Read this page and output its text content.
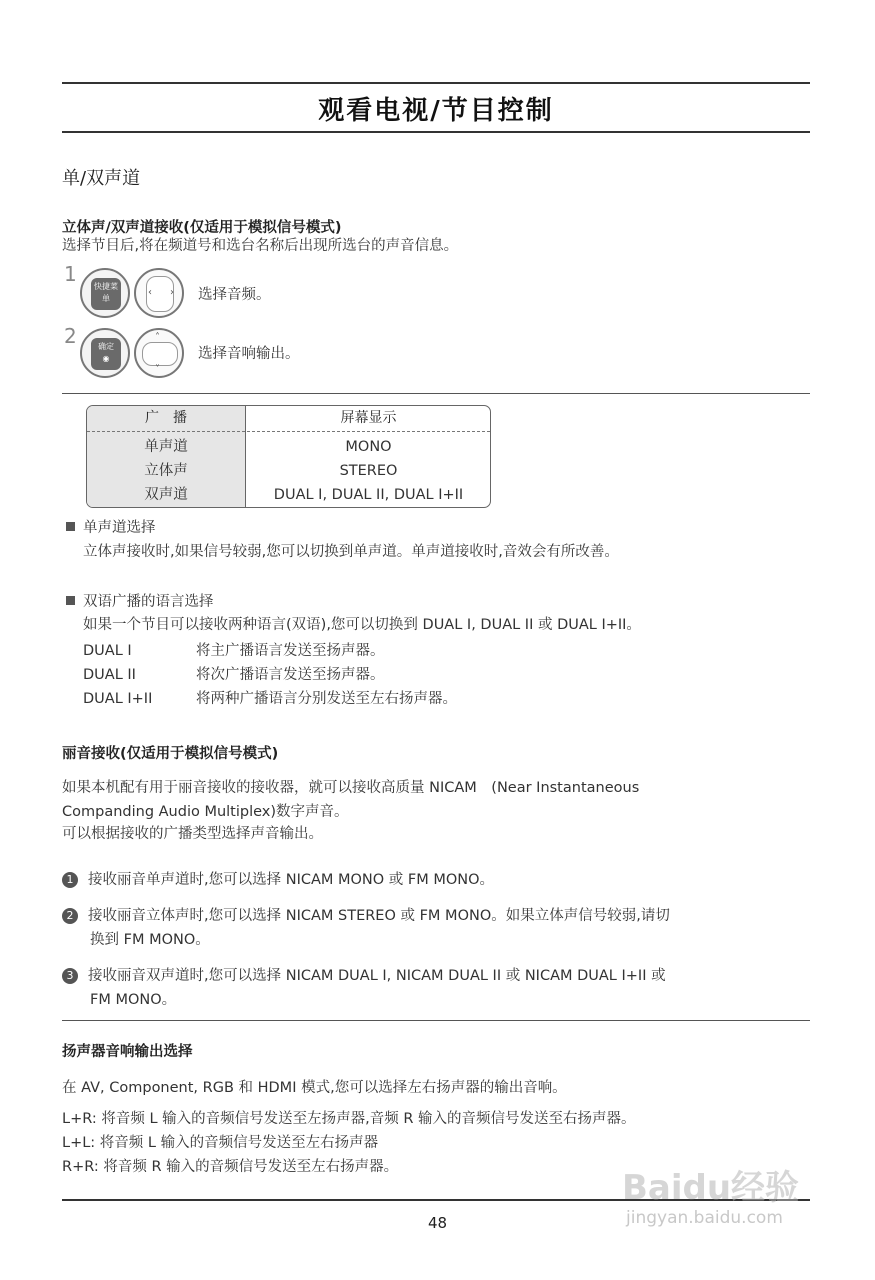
观看电视/节目控制
单/双声道
立体声/双声道接收(仅适用于模拟信号模式)
选择节目后,将在频道号和选台名称后出现所选台的声音信息。
1
快捷菜单
‹ › 选择音频。
2	确定
◉
˄
˅
选择音响输出。
广　播	屏幕显示
单声道	MONO
立体声	STEREO
双声道	DUAL I, DUAL II, DUAL I+II
单声道选择
立体声接收时,如果信号较弱,您可以切换到单声道。单声道接收时,音效会有所改善。
双语广播的语言选择
如果一个节目可以接收两种语言(双语),您可以切换到 DUAL I, DUAL II 或 DUAL I+II。
DUAL I	将主广播语言发送至扬声器。
DUAL II	将次广播语言发送至扬声器。
DUAL I+II	将两种广播语言分别发送至左右扬声器。
丽音接收(仅适用于模拟信号模式)
如果本机配有用于丽音接收的接收器，就可以接收高质量 NICAM　(Near Instantaneous
Companding Audio Multiplex)数字声音。
可以根据接收的广播类型选择声音输出。
1 接收丽音单声道时,您可以选择 NICAM MONO 或 FM MONO。
2 接收丽音立体声时,您可以选择 NICAM STEREO 或 FM MONO。如果立体声信号较弱,请切
换到 FM MONO。
3 接收丽音双声道时,您可以选择 NICAM DUAL I, NICAM DUAL II 或 NICAM DUAL I+II 或
FM MONO。
扬声器音响输出选择
在 AV, Component, RGB 和 HDMI 模式,您可以选择左右扬声器的输出音响。
L+R: 将音频 L 输入的音频信号发送至左扬声器,音频 R 输入的音频信号发送至右扬声器。
L+L: 将音频 L 输入的音频信号发送至左右扬声器
R+R: 将音频 R 输入的音频信号发送至左右扬声器。
Baidu经验
jingyan.baidu.com
48
